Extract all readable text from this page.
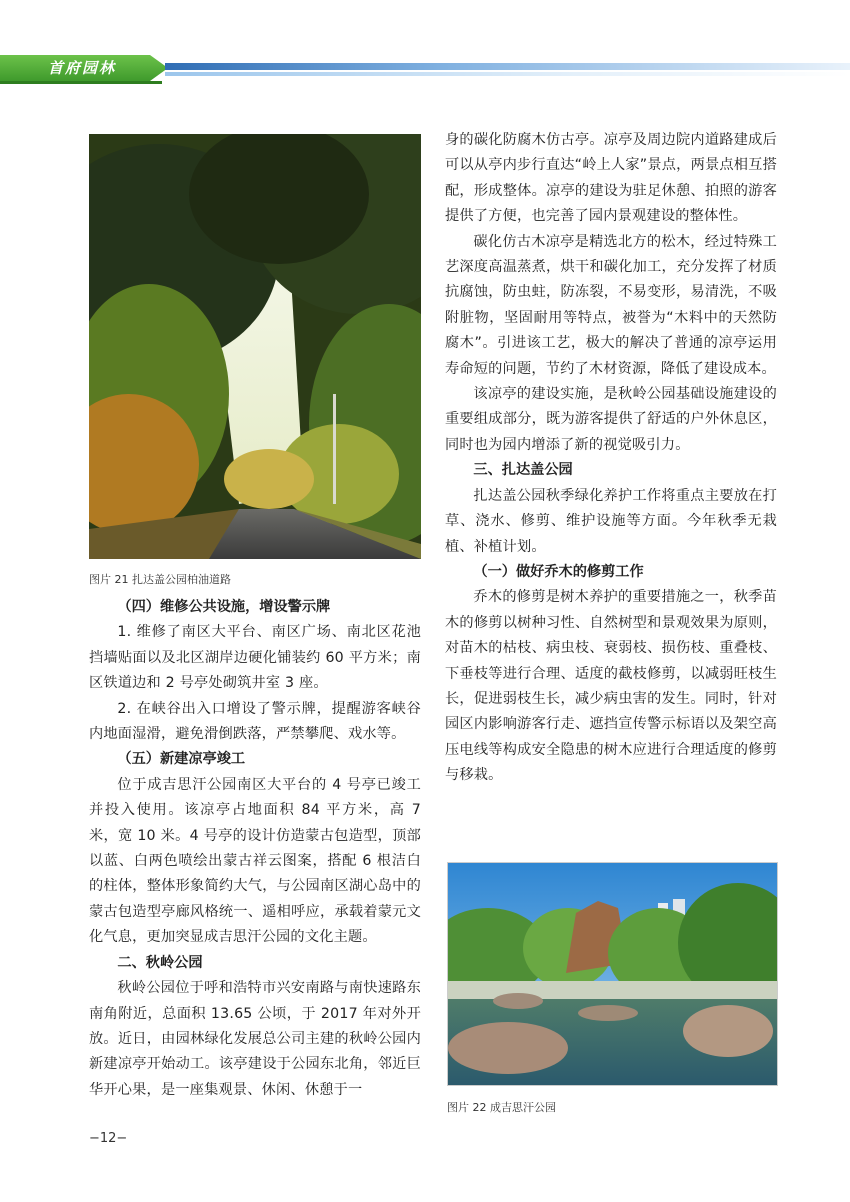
首府园林
图片 21 扎达盖公园柏油道路

（四）维修公共设施，增设警示牌

1. 维修了南区大平台、南区广场、南北区花池挡墙贴面以及北区湖岸边硬化铺装约 60 平方米；南区铁道边和 2 号亭处砌筑井室 3 座。

2. 在峡谷出入口增设了警示牌，提醒游客峡谷内地面湿滑，避免滑倒跌落，严禁攀爬、戏水等。

（五）新建凉亭竣工

位于成吉思汗公园南区大平台的 4 号亭已竣工并投入使用。该凉亭占地面积 84 平方米，高 7 米，宽 10 米。4 号亭的设计仿造蒙古包造型，顶部以蓝、白两色喷绘出蒙古祥云图案，搭配 6 根洁白的柱体，整体形象简约大气，与公园南区湖心岛中的蒙古包造型亭廊风格统一、遥相呼应，承载着蒙元文化气息，更加突显成吉思汗公园的文化主题。

二、秋岭公园

秋岭公园位于呼和浩特市兴安南路与南快速路东南角附近，总面积 13.65 公顷，于 2017 年对外开放。近日，由园林绿化发展总公司主建的秋岭公园内新建凉亭开始动工。该亭建设于公园东北角，邻近巨华开心果，是一座集观景、休闲、休憩于一

身的碳化防腐木仿古亭。凉亭及周边院内道路建成后可以从亭内步行直达“岭上人家”景点，两景点相互搭配，形成整体。凉亭的建设为驻足休憩、拍照的游客提供了方便，也完善了园内景观建设的整体性。

碳化仿古木凉亭是精选北方的松木，经过特殊工艺深度高温蒸煮，烘干和碳化加工，充分发挥了材质抗腐蚀，防虫蛀，防冻裂，不易变形，易清洗，不吸附脏物，坚固耐用等特点，被誉为“木料中的天然防腐木”。引进该工艺，极大的解决了普通的凉亭运用寿命短的问题，节约了木材资源，降低了建设成本。

该凉亭的建设实施，是秋岭公园基础设施建设的重要组成部分，既为游客提供了舒适的户外休息区，同时也为园内增添了新的视觉吸引力。

三、扎达盖公园

扎达盖公园秋季绿化养护工作将重点主要放在打草、浇水、修剪、维护设施等方面。今年秋季无栽植、补植计划。

（一）做好乔木的修剪工作

乔木的修剪是树木养护的重要措施之一，秋季苗木的修剪以树种习性、自然树型和景观效果为原则，对苗木的枯枝、病虫枝、衰弱枝、损伤枝、重叠枝、下垂枝等进行合理、适度的截枝修剪，以减弱旺枝生长，促进弱枝生长，减少病虫害的发生。同时，针对园区内影响游客行走、遮挡宣传警示标语以及架空高压电线等构成安全隐患的树木应进行合理适度的修剪与移栽。

图片 22 成吉思汗公园
−12−
